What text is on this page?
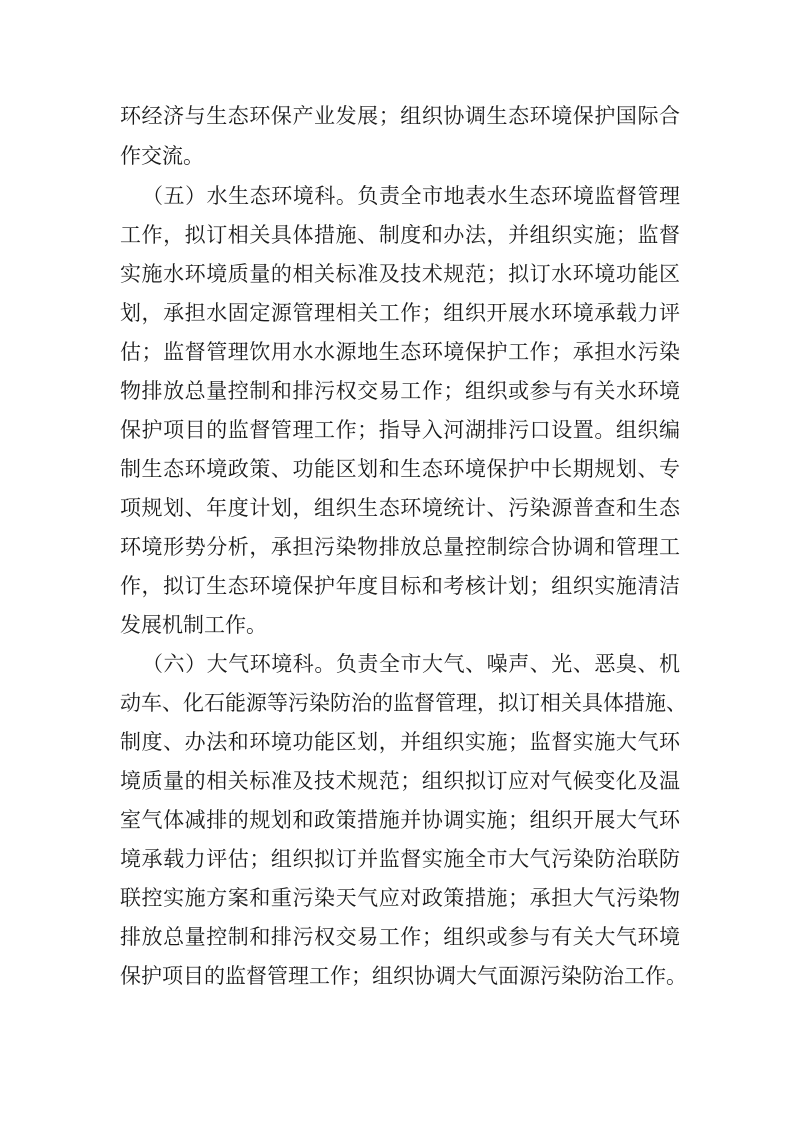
环经济与生态环保产业发展；组织协调生态环境保护国际合
作交流。
（五）水生态环境科。负责全市地表水生态环境监督管理
工作，拟订相关具体措施、制度和办法，并组织实施；监督
实施水环境质量的相关标准及技术规范；拟订水环境功能区
划，承担水固定源管理相关工作；组织开展水环境承载力评
估；监督管理饮用水水源地生态环境保护工作；承担水污染
物排放总量控制和排污权交易工作；组织或参与有关水环境
保护项目的监督管理工作；指导入河湖排污口设置。组织编
制生态环境政策、功能区划和生态环境保护中长期规划、专
项规划、年度计划，组织生态环境统计、污染源普查和生态
环境形势分析，承担污染物排放总量控制综合协调和管理工
作，拟订生态环境保护年度目标和考核计划；组织实施清洁
发展机制工作。
（六）大气环境科。负责全市大气、噪声、光、恶臭、机
动车、化石能源等污染防治的监督管理，拟订相关具体措施、
制度、办法和环境功能区划，并组织实施；监督实施大气环
境质量的相关标准及技术规范；组织拟订应对气候变化及温
室气体减排的规划和政策措施并协调实施；组织开展大气环
境承载力评估；组织拟订并监督实施全市大气污染防治联防
联控实施方案和重污染天气应对政策措施；承担大气污染物
排放总量控制和排污权交易工作；组织或参与有关大气环境
保护项目的监督管理工作；组织协调大气面源污染防治工作。
